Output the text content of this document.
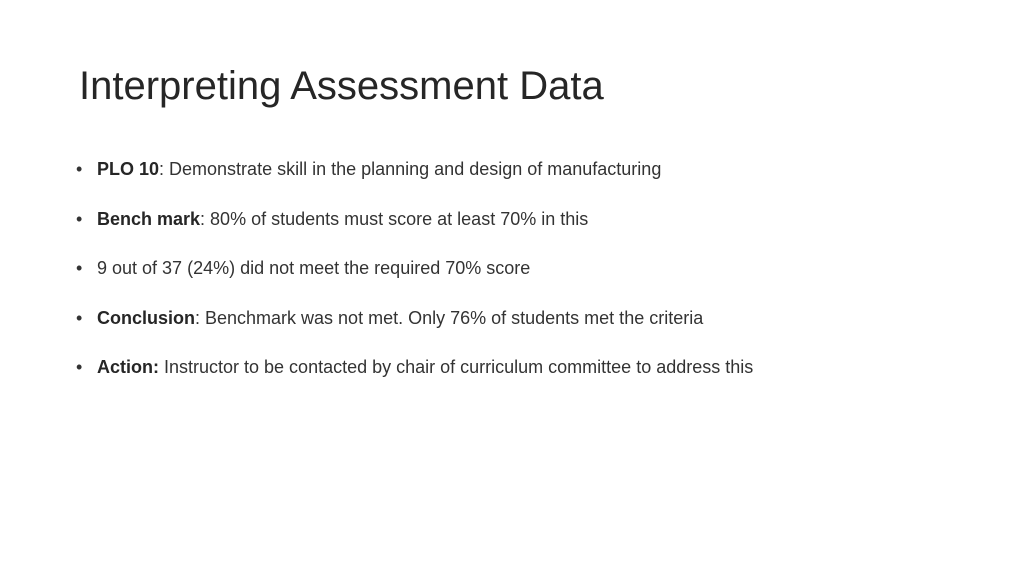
Interpreting Assessment Data
• PLO 10: Demonstrate skill in the planning and design of manufacturing
• Bench mark: 80% of students must score at least 70% in this
• 9 out of 37 (24%) did not meet the required 70% score
• Conclusion: Benchmark was not met. Only 76% of students met the criteria
• Action: Instructor to be contacted by chair of curriculum committee to address this
